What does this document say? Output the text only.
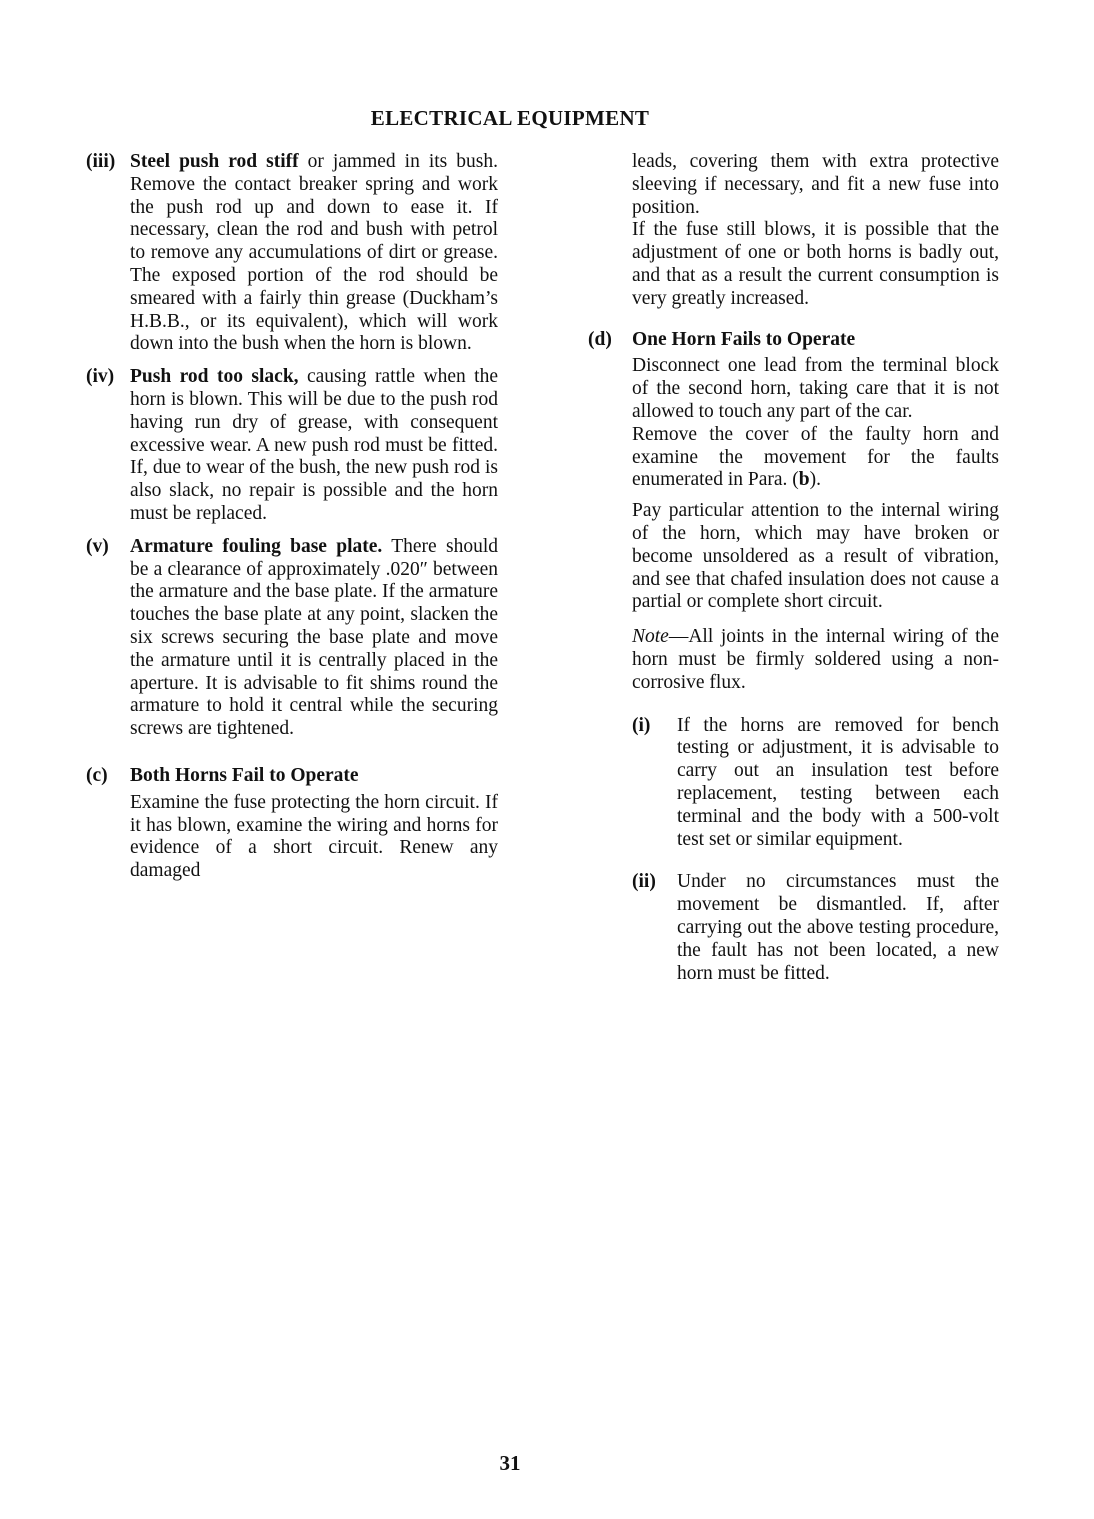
ELECTRICAL EQUIPMENT
(iii) Steel push rod stiff or jammed in its bush. Remove the contact breaker spring and work the push rod up and down to ease it. If necessary, clean the rod and bush with petrol to remove any accumulations of dirt or grease. The exposed portion of the rod should be smeared with a fairly thin grease (Duckham’s H.B.B., or its equivalent), which will work down into the bush when the horn is blown.
(iv) Push rod too slack, causing rattle when the horn is blown. This will be due to the push rod having run dry of grease, with consequent excessive wear. A new push rod must be fitted. If, due to wear of the bush, the new push rod is also slack, no repair is possible and the horn must be replaced.
(v)	Armature fouling base plate. There should be a clearance of approximately .020″ between the armature and the base plate. If the armature touches the base plate at any point, slacken the six screws securing the base plate and move the armature until it is centrally placed in the aperture. It is advisable to fit shims round the armature to hold it central while the securing screws are tightened.
(c)	Both Horns Fail to Operate
Examine the fuse protecting the horn circuit. If it has blown, examine the wiring and horns for evidence of a short circuit. Renew any damaged
leads, covering them with extra protective sleeving if necessary, and fit a new fuse into position.
If the fuse still blows, it is possible that the adjustment of one or both horns is badly out, and that as a result the current consumption is very greatly increased.
(d)	One Horn Fails to Operate
Disconnect one lead from the terminal block of the second horn, taking care that it is not allowed to touch any part of the car.
Remove the cover of the faulty horn and examine the movement for the faults enumerated in Para. (b).
Pay particular attention to the internal wiring of the horn, which may have broken or become unsoldered as a result of vibration, and see that chafed insulation does not cause a partial or complete short circuit.
Note—All joints in the internal wiring of the horn must be firmly soldered using a non-corrosive flux.
(i)	If the horns are removed for bench testing or adjustment, it is advisable to carry out an insulation test before replacement, testing between each terminal and the body with a 500-volt test set or similar equipment.
(ii)	Under no circumstances must the movement be dismantled. If, after carrying out the above testing procedure, the fault has not been located, a new horn must be fitted.
31
